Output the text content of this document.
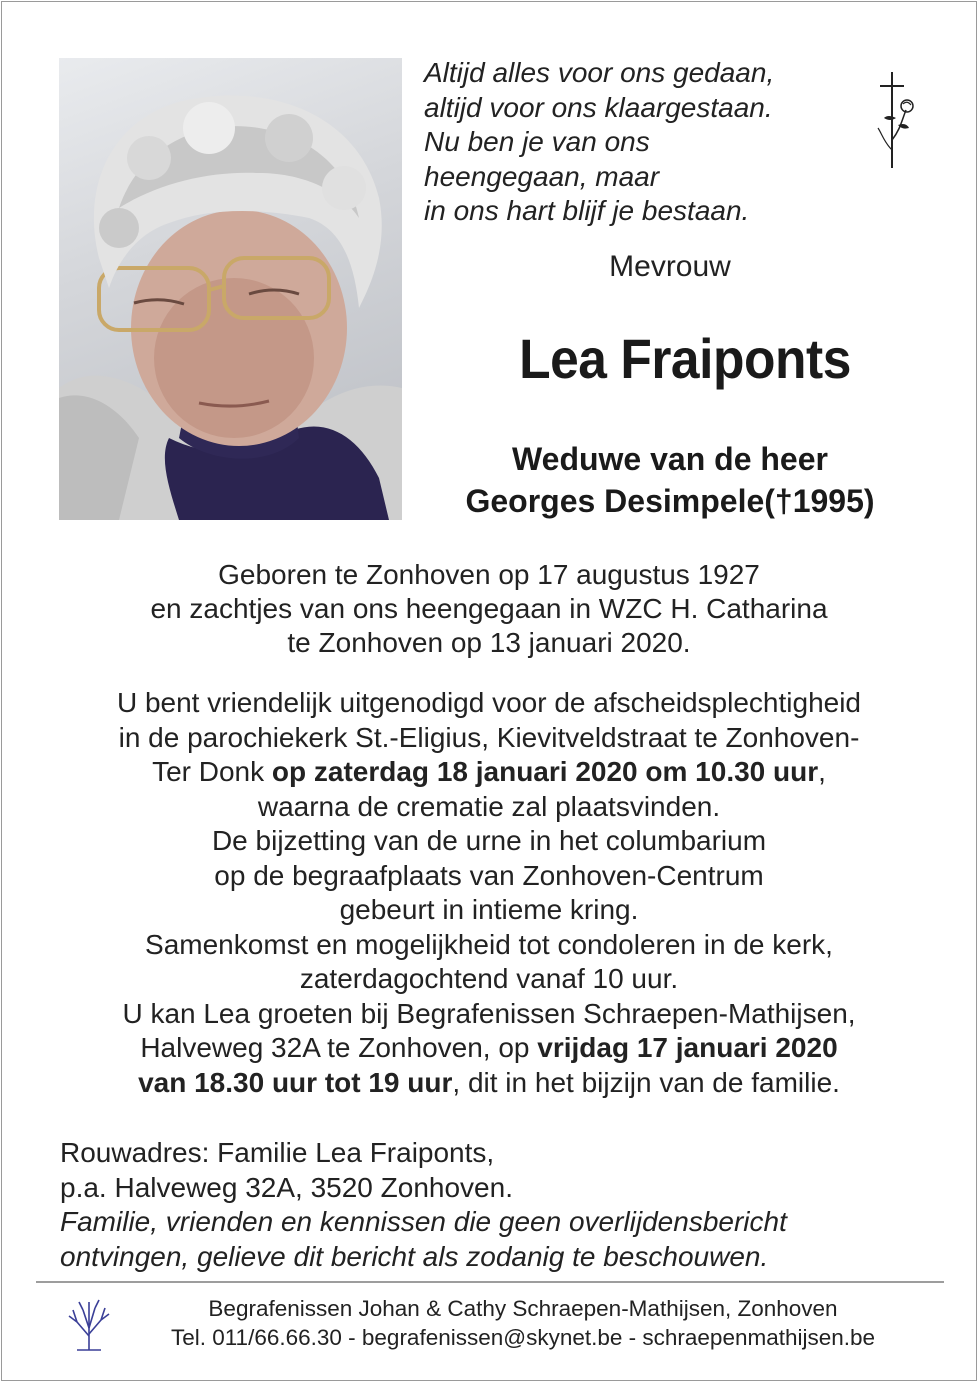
Altijd alles voor ons gedaan,
altijd voor ons klaargestaan.
Nu ben je van ons
heengegaan, maar
in ons hart blijf je bestaan.
Mevrouw
Lea Fraiponts
Weduwe van de heer
Georges Desimpele(†1995)
Geboren te Zonhoven op 17 augustus 1927
en zachtjes van ons heengegaan in WZC H. Catharina
te Zonhoven op 13 januari 2020.
U bent vriendelijk uitgenodigd voor de afscheidsplechtigheid
in de parochiekerk St.-Eligius, Kievitveldstraat te Zonhoven-
Ter Donk op zaterdag 18 januari 2020 om 10.30 uur,
waarna de crematie zal plaatsvinden.
De bijzetting van de urne in het columbarium
op de begraafplaats van Zonhoven-Centrum
gebeurt in intieme kring.
Samenkomst en mogelijkheid tot condoleren in de kerk,
zaterdagochtend vanaf 10 uur.
U kan Lea groeten bij Begrafenissen Schraepen-Mathijsen,
Halveweg 32A te Zonhoven, op vrijdag 17 januari 2020
van 18.30 uur tot 19 uur, dit in het bijzijn van de familie.
Rouwadres: Familie Lea Fraiponts,
p.a. Halveweg 32A, 3520 Zonhoven.
Familie, vrienden en kennissen die geen overlijdensbericht
ontvingen, gelieve dit bericht als zodanig te beschouwen.
Begrafenissen Johan & Cathy Schraepen-Mathijsen, Zonhoven
Tel. 011/66.66.30 - begrafenissen@skynet.be - schraepenmathijsen.be
